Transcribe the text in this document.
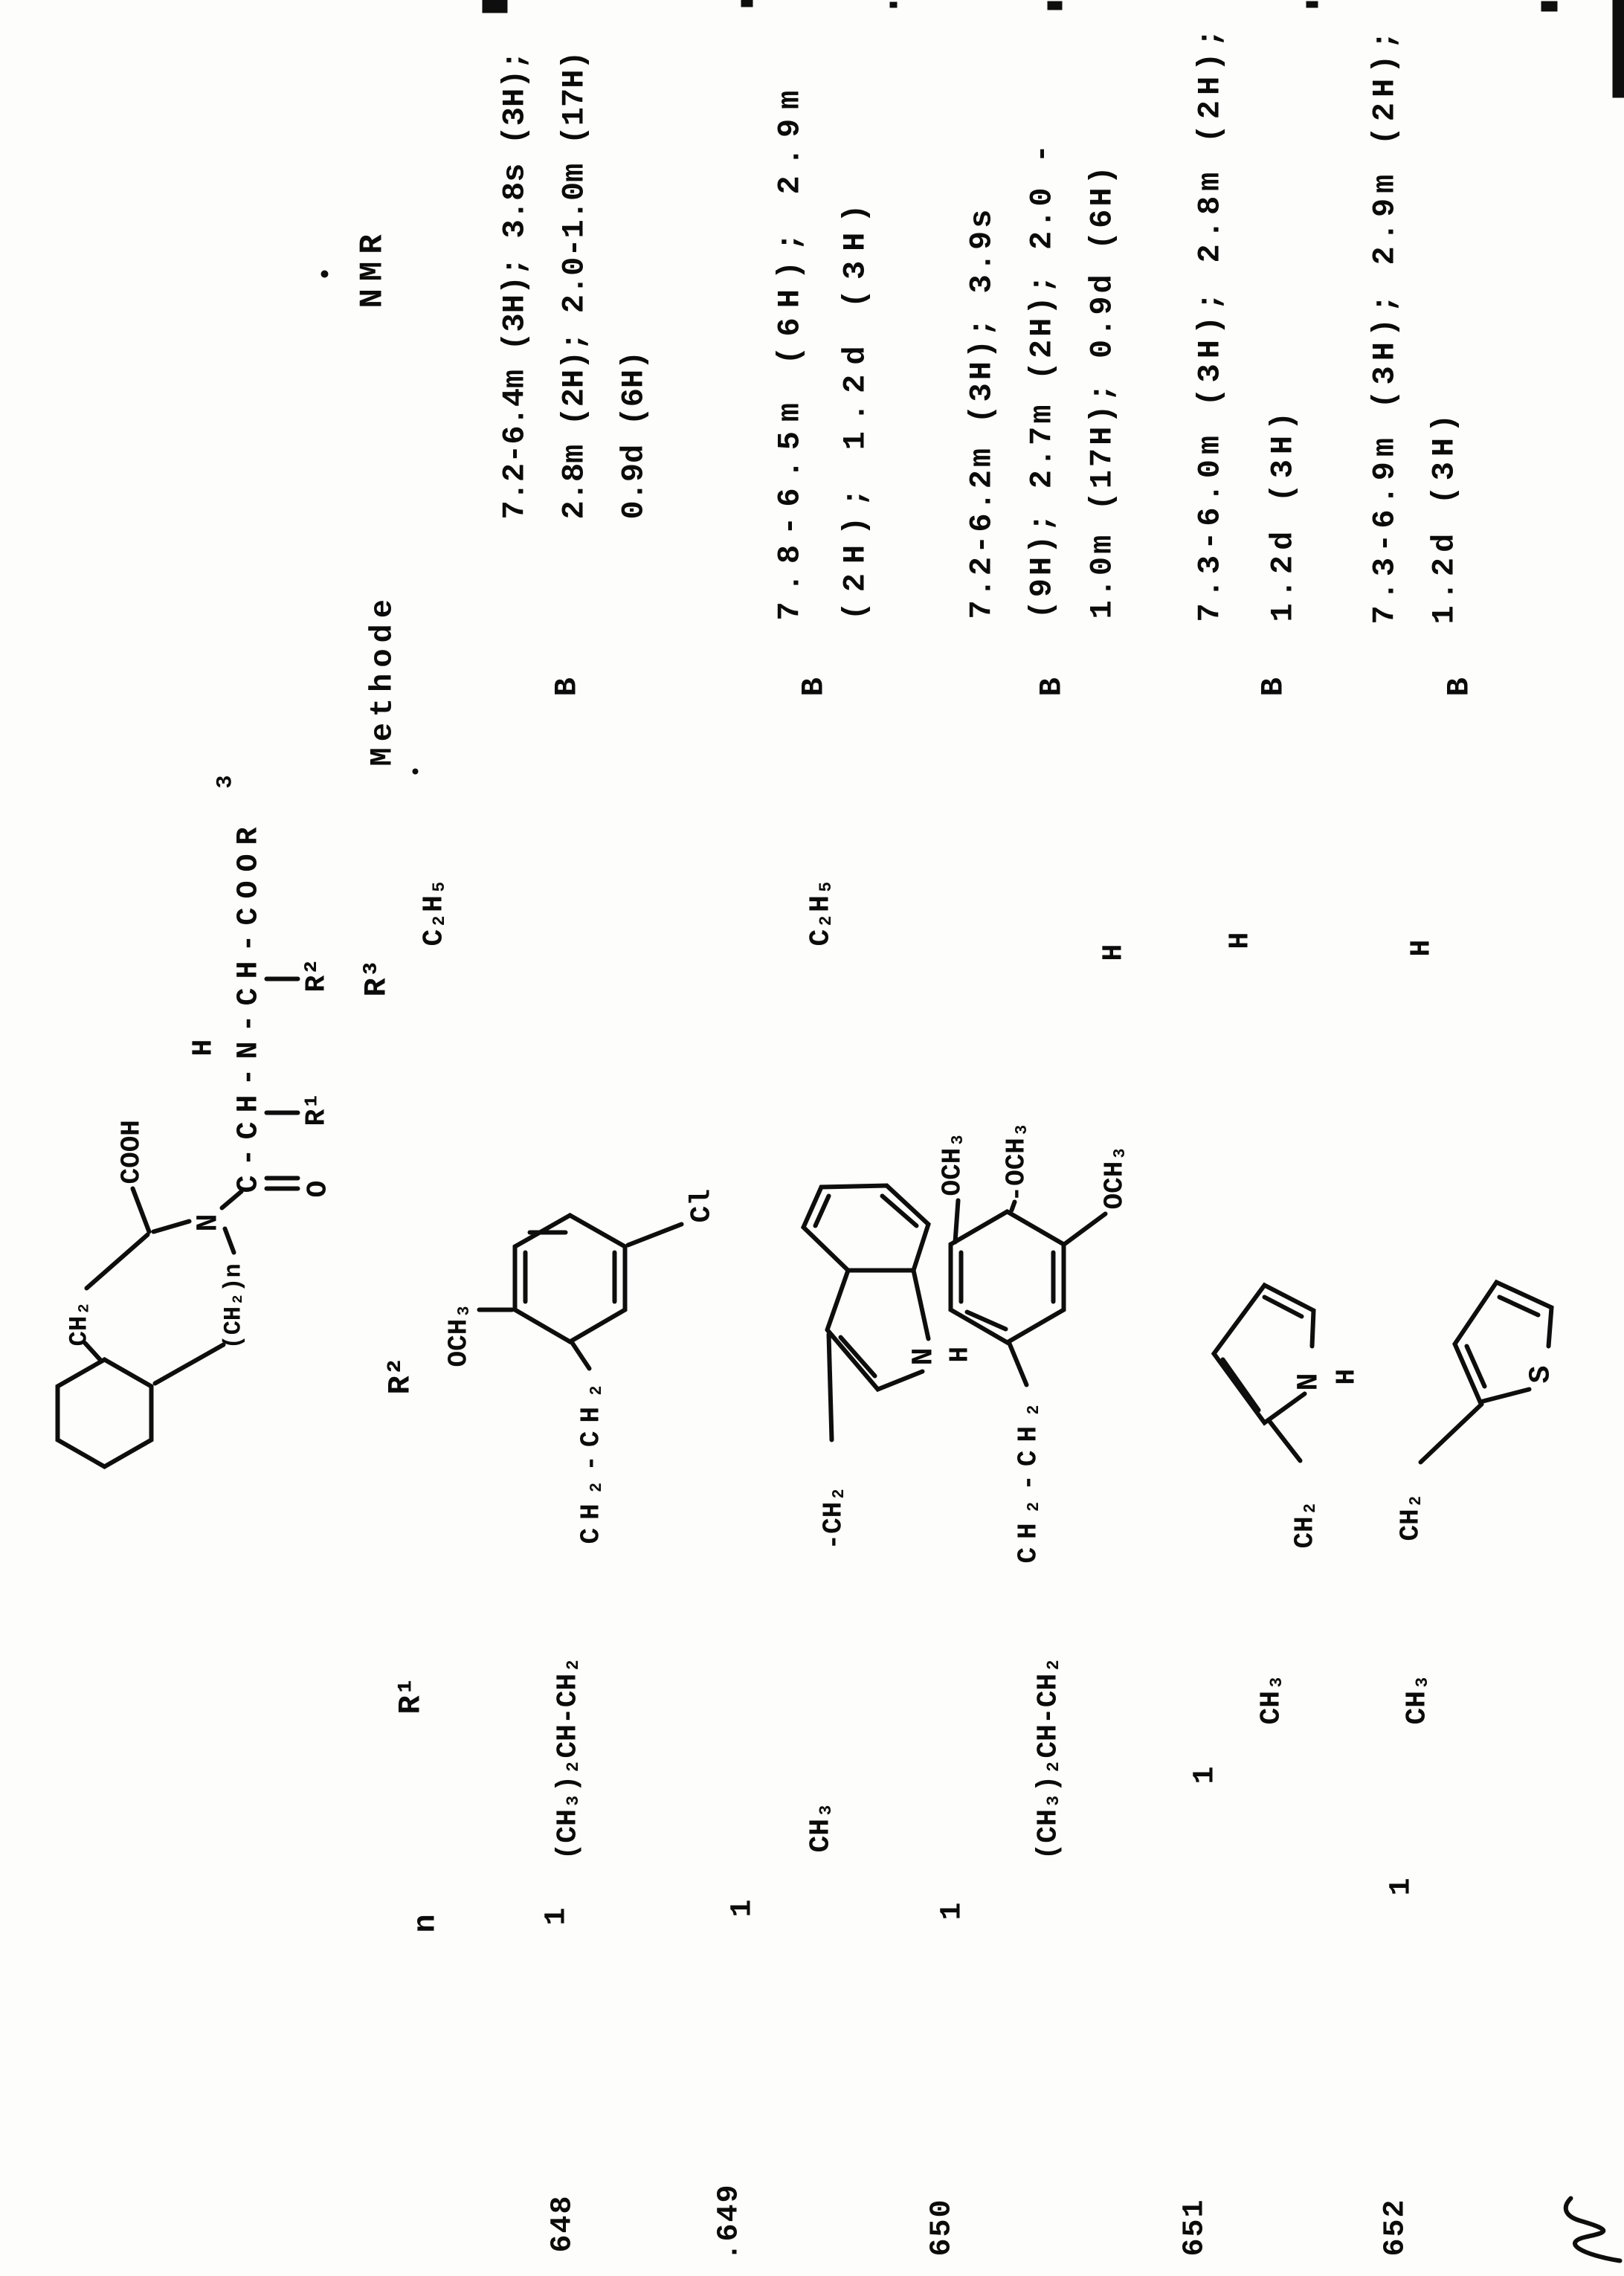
n
R¹
R²
R³
Methode
NMR
COOH
CH₂	(CH₂)n
N
C-CH-N-CH-COOR
3
H
O
R¹
R²
648
1
(CH₃)₂CH-CH₂
CH₂-CH₂
OCH₃
Cl
C₂H₅
B
7.2-6.4m (3H); 3.8s (3H);
2.8m (2H); 2.0-1.0m (17H)
0.9d (6H)
.649
1
CH₃
-CH₂
N H
C₂H₅
B
7.8-6.5m (6H); 2.9m
(2H); 1.2d (3H)
650
1
(CH₃)₂CH-CH₂
CH₂-CH₂
OCH₃ -OCH₃	OCH₃
H
B
7.2-6.2m (3H); 3.9s
(9H); 2.7m (2H); 2.0 -
1.0m (17H); 0.9d (6H)
651
1
CH₃
CH₂
N H
H
B
7.3-6.0m (3H); 2.8m (2H);
1.2d (3H)
652
1
CH₃
CH₂
S
H
B
7.3-6.9m (3H); 2.9m (2H);
1.2d (3H)
